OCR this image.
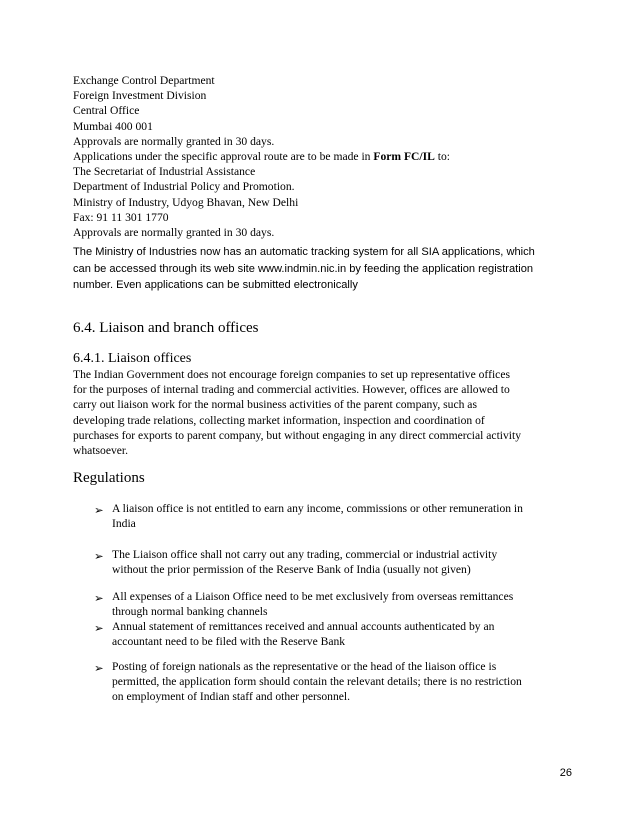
Exchange Control Department
Foreign Investment Division
Central Office
Mumbai 400 001
Approvals are normally granted in 30 days.
Applications under the specific approval route are to be made in Form FC/IL to:
The Secretariat of Industrial Assistance
Department of Industrial Policy and Promotion.
Ministry of Industry, Udyog Bhavan, New Delhi
Fax: 91 11 301 1770
Approvals are normally granted in 30 days.
The Ministry of Industries now has an automatic tracking system for all SIA applications, which
can be accessed through its web site www.indmin.nic.in by feeding the application registration
number. Even applications can be submitted electronically
6.4. Liaison and branch offices
6.4.1. Liaison offices
The Indian Government does not encourage foreign companies to set up representative offices
for the purposes of internal trading and commercial activities. However, offices are allowed to
carry out liaison work for the normal business activities of the parent company, such as
developing trade relations, collecting market information, inspection and coordination of
purchases for exports to parent company, but without engaging in any direct commercial activity
whatsoever.
Regulations
➢ A liaison office is not entitled to earn any income, commissions or other remuneration in
India
➢ The Liaison office shall not carry out any trading, commercial or industrial activity
without the prior permission of the Reserve Bank of India (usually not given)
➢ All expenses of a Liaison Office need to be met exclusively from overseas remittances
through normal banking channels
➢ Annual statement of remittances received and annual accounts authenticated by an
accountant need to be filed with the Reserve Bank
➢ Posting of foreign nationals as the representative or the head of the liaison office is
permitted, the application form should contain the relevant details; there is no restriction
on employment of Indian staff and other personnel.
26
